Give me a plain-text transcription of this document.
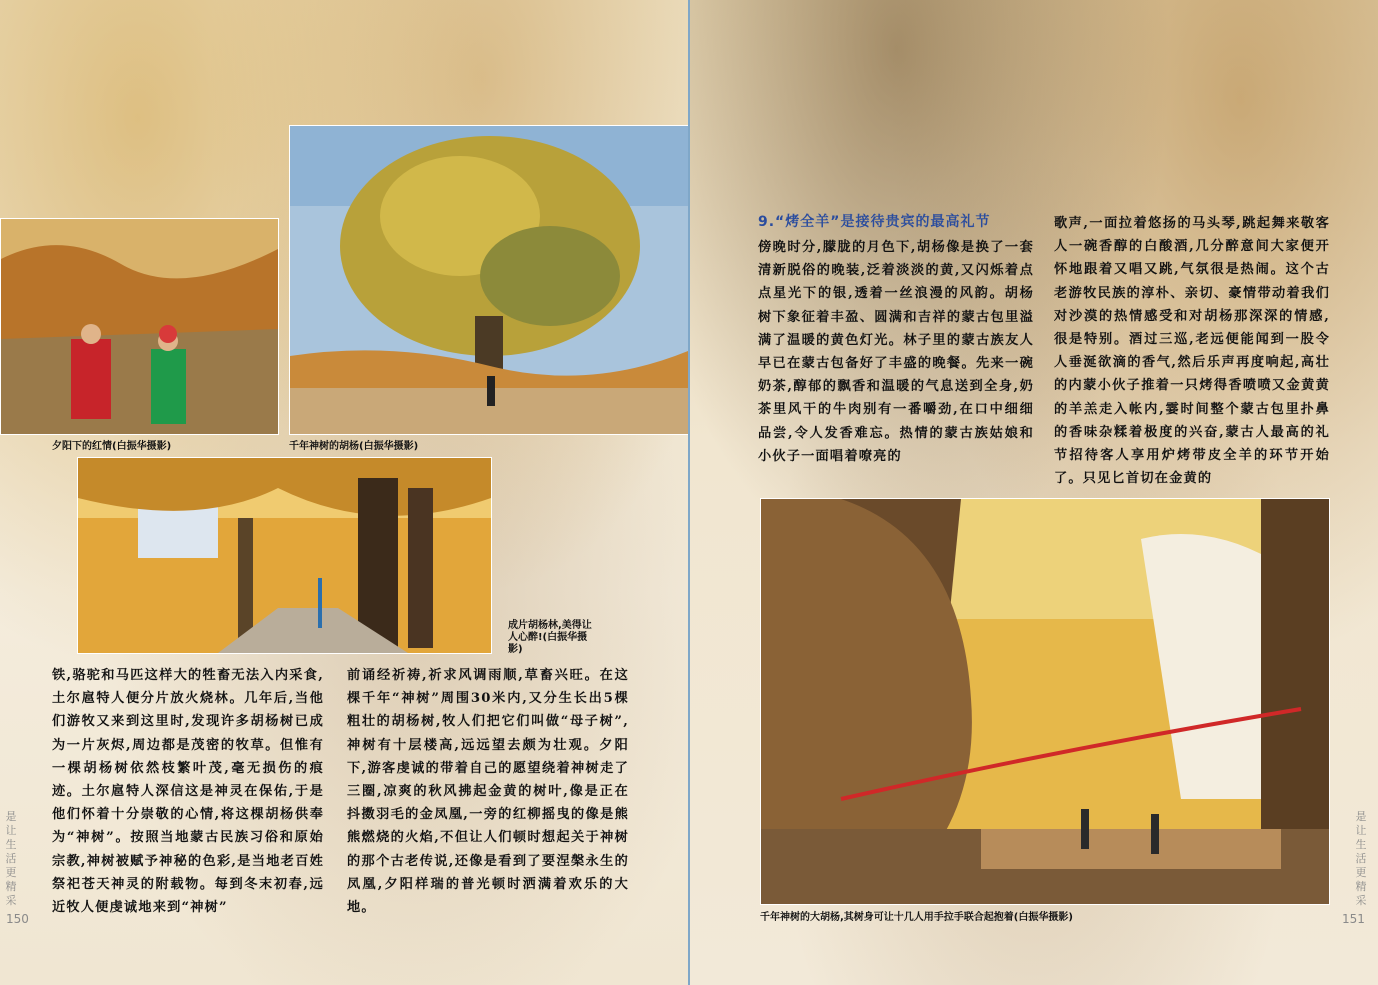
夕阳下的红情(白振华摄影)	千年神树的胡杨(白振华摄影)
成片胡杨林,美得让人心醉!(白振华摄影)
铁,骆驼和马匹这样大的牲畜无法入内采食,土尔扈特人便分片放火烧林。几年后,当他们游牧又来到这里时,发现许多胡杨树已成为一片灰烬,周边都是茂密的牧草。但惟有一棵胡杨树依然枝繁叶茂,毫无损伤的痕迹。土尔扈特人深信这是神灵在保佑,于是他们怀着十分崇敬的心情,将这棵胡杨供奉为“神树”。按照当地蒙古民族习俗和原始宗教,神树被赋予神秘的色彩,是当地老百姓祭祀苍天神灵的附载物。每到冬末初春,远近牧人便虔诚地来到“神树”
前诵经祈祷,祈求风调雨顺,草畜兴旺。在这棵千年“神树”周围30米内,又分生长出5棵粗壮的胡杨树,牧人们把它们叫做“母子树”,神树有十层楼高,远远望去颇为壮观。夕阳下,游客虔诚的带着自己的愿望绕着神树走了三圈,凉爽的秋风拂起金黄的树叶,像是正在抖擞羽毛的金凤凰,一旁的红柳摇曳的像是熊熊燃烧的火焰,不但让人们顿时想起关于神树的那个古老传说,还像是看到了要涅槃永生的凤凰,夕阳样瑞的普光顿时洒满着欢乐的大地。
是让生活更精采
150
9.“烤全羊”是接待贵宾的最高礼节
傍晚时分,朦胧的月色下,胡杨像是换了一套清新脱俗的晚装,泛着淡淡的黄,又闪烁着点点星光下的银,透着一丝浪漫的风韵。胡杨树下象征着丰盈、圆满和吉祥的蒙古包里溢满了温暖的黄色灯光。林子里的蒙古族友人早已在蒙古包备好了丰盛的晚餐。先来一碗奶茶,醇郁的飘香和温暖的气息送到全身,奶茶里风干的牛肉别有一番嚼劲,在口中细细品尝,令人发香难忘。热情的蒙古族姑娘和小伙子一面唱着嘹亮的
歌声,一面拉着悠扬的马头琴,跳起舞来敬客人一碗香醇的白酸酒,几分醉意间大家便开怀地跟着又唱又跳,气氛很是热闹。这个古老游牧民族的淳朴、亲切、豪情带动着我们对沙漠的热情感受和对胡杨那深深的情感,很是特别。酒过三巡,老远便能闻到一股令人垂涎欲滴的香气,然后乐声再度响起,高壮的内蒙小伙子推着一只烤得香喷喷又金黄黄的羊羔走入帐内,霎时间整个蒙古包里扑鼻的香味杂糅着极度的兴奋,蒙古人最高的礼节招待客人享用炉烤带皮全羊的环节开始了。只见匕首切在金黄的
千年神树的大胡杨,其树身可让十几人用手拉手联合起抱着(白振华摄影)
是让生活更精采
151
